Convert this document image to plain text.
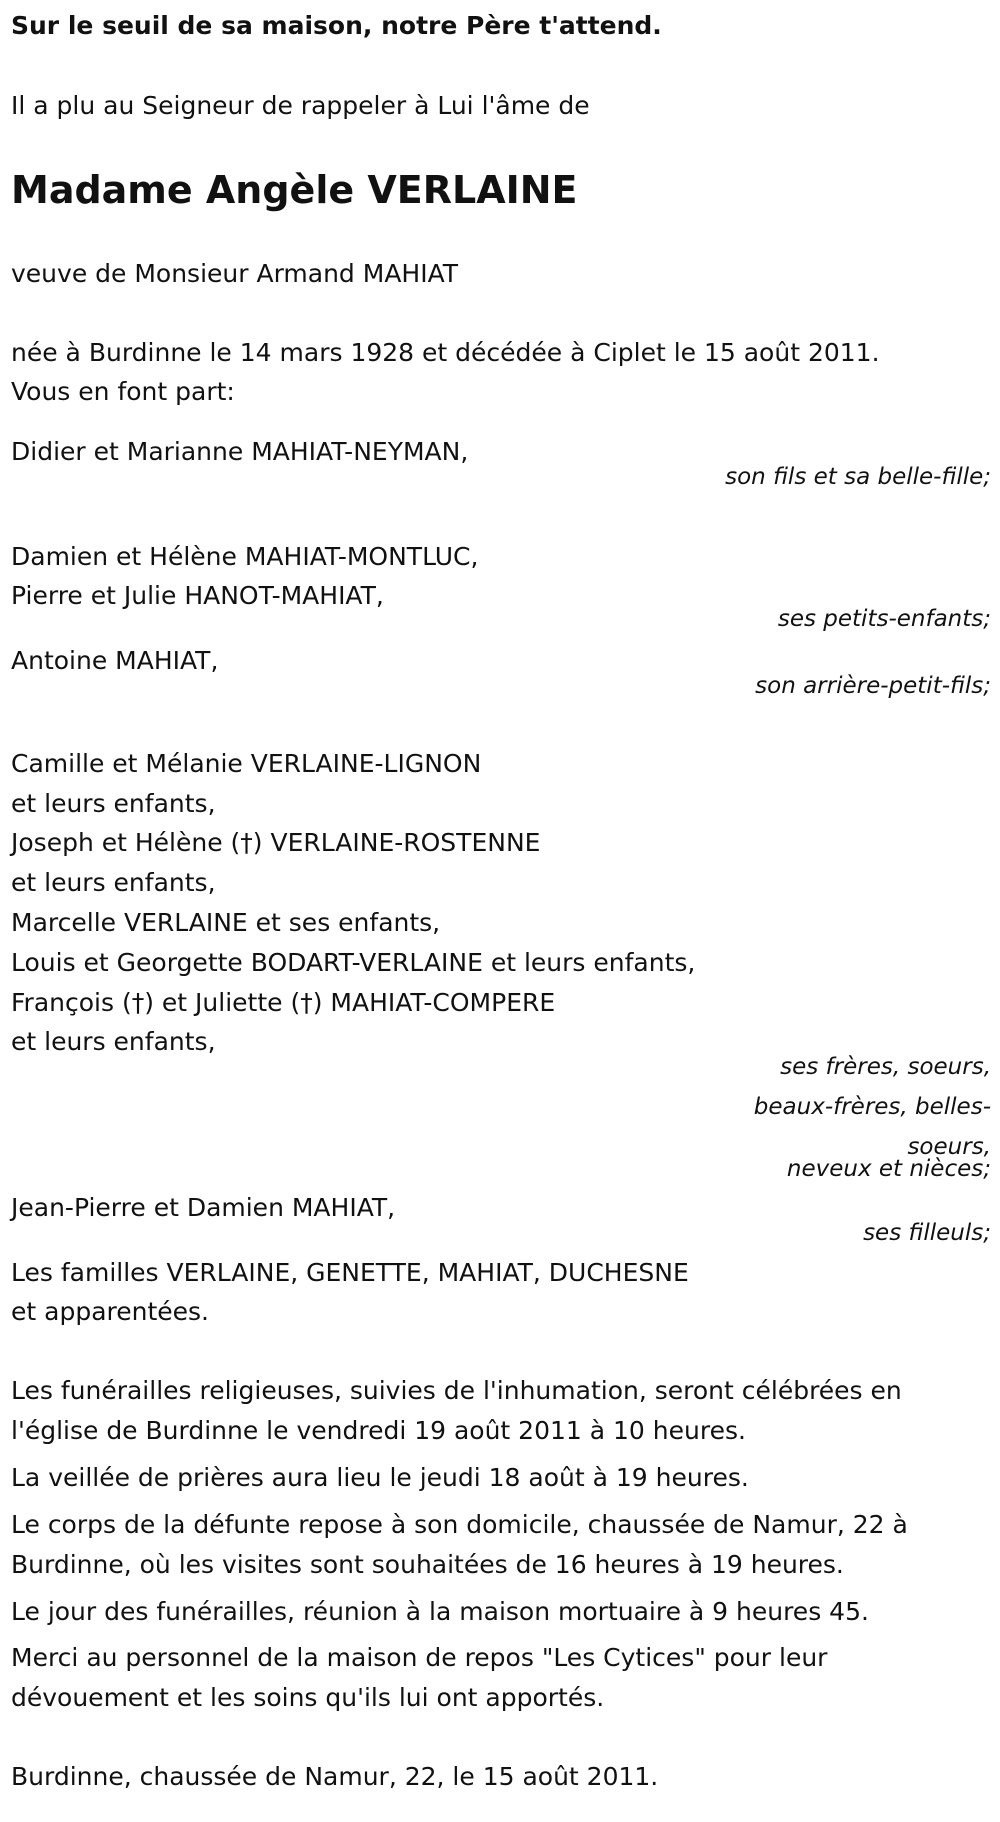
Sur le seuil de sa maison, notre Père t'attend.
Il a plu au Seigneur de rappeler à Lui l'âme de
Madame Angèle VERLAINE
veuve de Monsieur Armand MAHIAT
née à Burdinne le 14 mars 1928 et décédée à Ciplet le 15 août 2011.
Vous en font part:
Didier et Marianne MAHIAT-NEYMAN,
son fils et sa belle-fille;
Damien et Hélène MAHIAT-MONTLUC,
Pierre et Julie HANOT-MAHIAT,
ses petits-enfants;
Antoine MAHIAT,
son arrière-petit-fils;
Camille et Mélanie VERLAINE-LIGNON
et leurs enfants,
Joseph et Hélène (†) VERLAINE-ROSTENNE
et leurs enfants,
Marcelle VERLAINE et ses enfants,
Louis et Georgette BODART-VERLAINE et leurs enfants,
François (†) et Juliette (†) MAHIAT-COMPERE
et leurs enfants,
ses frères, soeurs,
beaux-frères, belles-soeurs,
neveux et nièces;
Jean-Pierre et Damien MAHIAT,
ses filleuls;
Les familles VERLAINE, GENETTE, MAHIAT, DUCHESNE
et apparentées.
Les funérailles religieuses, suivies de l'inhumation, seront célébrées en
l'église de Burdinne le vendredi 19 août 2011 à 10 heures.
La veillée de prières aura lieu le jeudi 18 août à 19 heures.
Le corps de la défunte repose à son domicile, chaussée de Namur, 22 à
Burdinne, où les visites sont souhaitées de 16 heures à 19 heures.
Le jour des funérailles, réunion à la maison mortuaire à 9 heures 45.
Merci au personnel de la maison de repos "Les Cytices" pour leur
dévouement et les soins qu'ils lui ont apportés.
Burdinne, chaussée de Namur, 22, le 15 août 2011.
